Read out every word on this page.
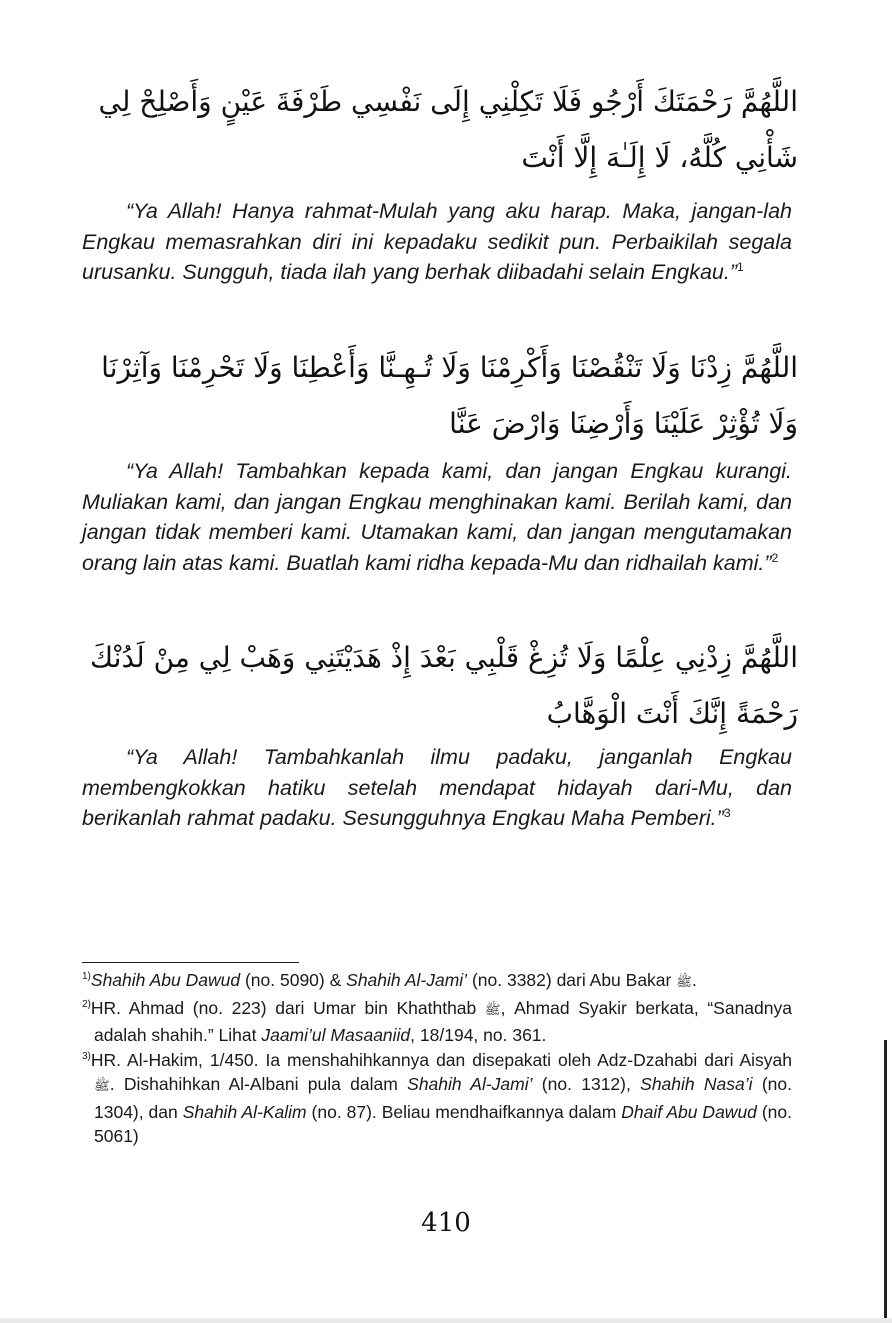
اللَّهُمَّ رَحْمَتَكَ أَرْجُو فَلَا تَكِلْنِي إِلَى نَفْسِي طَرْفَةَ عَيْنٍ وَأَصْلِحْ لِي شَأْنِي كُلَّهُ، لَا إِلَـٰهَ إِلَّا أَنْتَ
“Ya Allah! Hanya rahmat-Mulah yang aku harap. Maka, jangan-lah Engkau memasrahkan diri ini kepadaku sedikit pun. Perbaikilah segala urusanku. Sungguh, tiada ilah yang berhak diibadahi selain Engkau.”$^1$
اللَّهُمَّ زِدْنَا وَلَا تَنْقُصْنَا وَأَكْرِمْنَا وَلَا تُـهِـنَّا وَأَعْطِنَا وَلَا تَحْرِمْنَا وَآثِرْنَا وَلَا تُؤْثِرْ عَلَيْنَا وَأَرْضِنَا وَارْضَ عَنَّا
“Ya Allah! Tambahkan kepada kami, dan jangan Engkau kurangi. Muliakan kami, dan jangan Engkau menghinakan kami. Berilah kami, dan jangan tidak memberi kami. Utamakan kami, dan jangan mengutamakan orang lain atas kami. Buatlah kami ridha kepada-Mu dan ridhailah kami.”$^2$
اللَّهُمَّ زِدْنِي عِلْمًا وَلَا تُزِغْ قَلْبِي بَعْدَ إِذْ هَدَيْتَنِي وَهَبْ لِي مِنْ لَدُنْكَ رَحْمَةً إِنَّكَ أَنْتَ الْوَهَّابُ
“Ya Allah! Tambahkanlah ilmu padaku, janganlah Engkau membengkokkan hatiku setelah mendapat hidayah dari-Mu, dan berikanlah rahmat padaku. Sesungguhnya Engkau Maha Pemberi.”$^3$

$^{1)}$Shahih Abu Dawud (no. 5090) & Shahih Al-Jami’ (no. 3382) dari Abu Bakar ﷺ.

$^{2)}$HR. Ahmad (no. 223) dari Umar bin Khaththab ﷺ, Ahmad Syakir berkata, “Sanadnya adalah shahih.” Lihat Jaami’ul Masaaniid, 18/194, no. 361.

$^{3)}$HR. Al-Hakim, 1/450. Ia menshahihkannya dan disepakati oleh Adz-Dzahabi dari Aisyah ﷺ. Dishahihkan Al-Albani pula dalam Shahih Al-Jami’ (no. 1312), Shahih Nasa’i (no. 1304), dan Shahih Al-Kalim (no. 87). Beliau mendhaifkannya dalam Dhaif Abu Dawud (no. 5061)

410
